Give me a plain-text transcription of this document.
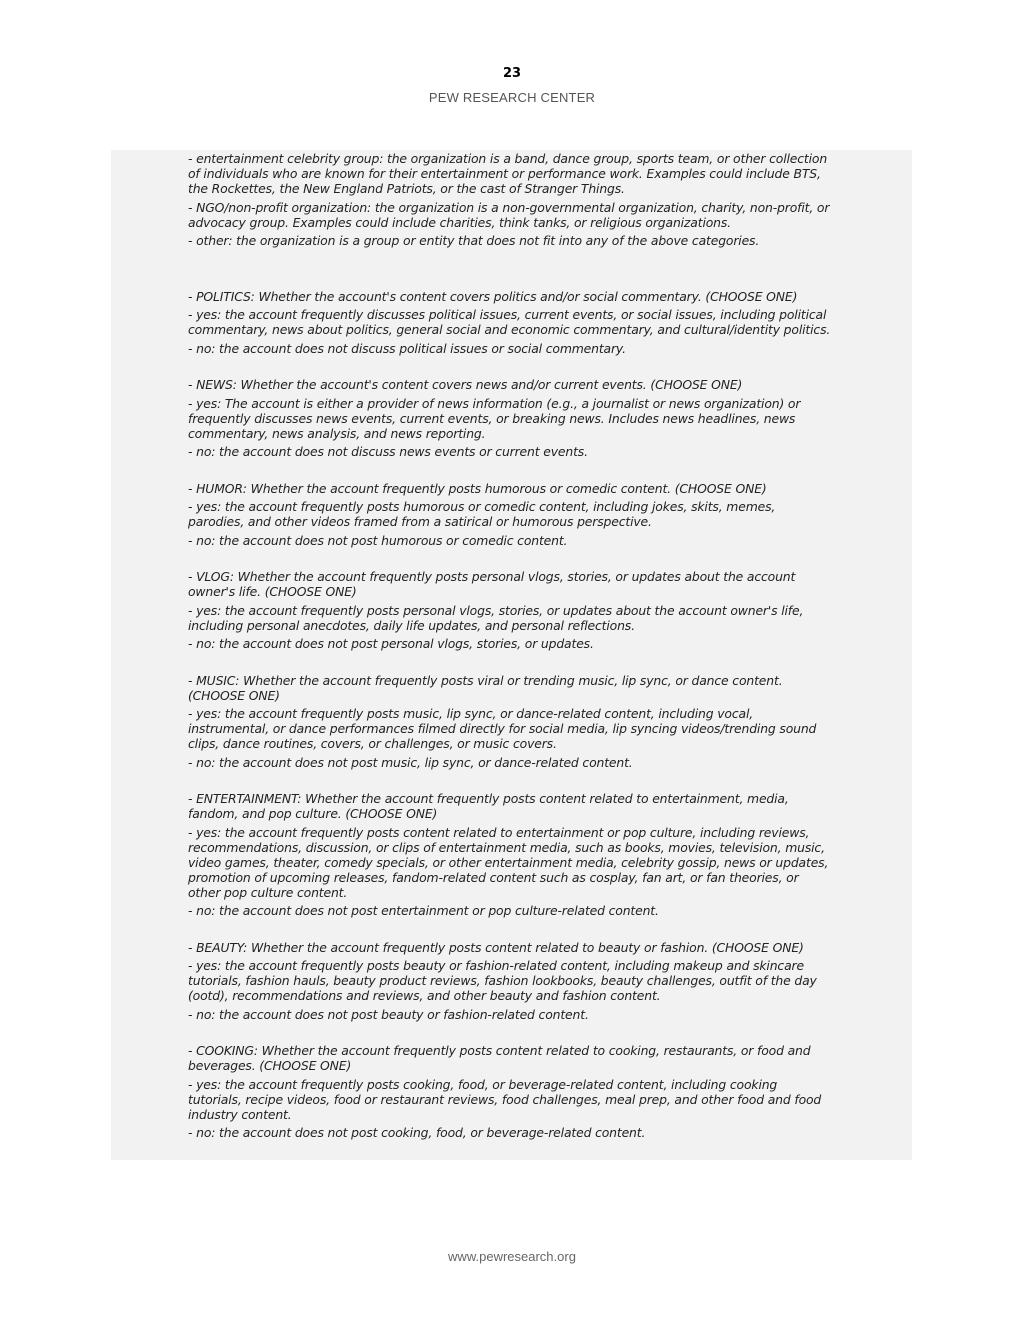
23
PEW RESEARCH CENTER

- entertainment celebrity group: the organization is a band, dance group, sports team, or other collection of individuals who are known for their entertainment or performance work. Examples could include BTS, the Rockettes, the New England Patriots, or the cast of Stranger Things.

- NGO/non-profit organization: the organization is a non-governmental organization, charity, non-profit, or advocacy group. Examples could include charities, think tanks, or religious organizations.

- other: the organization is a group or entity that does not fit into any of the above categories.

- POLITICS: Whether the account's content covers politics and/or social commentary. (CHOOSE ONE)

- yes: the account frequently discusses political issues, current events, or social issues, including political commentary, news about politics, general social and economic commentary, and cultural/identity politics.

- no: the account does not discuss political issues or social commentary.

- NEWS: Whether the account's content covers news and/or current events. (CHOOSE ONE)

- yes: The account is either a provider of news information (e.g., a journalist or news organization) or frequently discusses news events, current events, or breaking news. Includes news headlines, news commentary, news analysis, and news reporting.

- no: the account does not discuss news events or current events.

- HUMOR: Whether the account frequently posts humorous or comedic content. (CHOOSE ONE)

- yes: the account frequently posts humorous or comedic content, including jokes, skits, memes, parodies, and other videos framed from a satirical or humorous perspective.

- no: the account does not post humorous or comedic content.

- VLOG: Whether the account frequently posts personal vlogs, stories, or updates about the account owner's life. (CHOOSE ONE)

- yes: the account frequently posts personal vlogs, stories, or updates about the account owner's life, including personal anecdotes, daily life updates, and personal reflections.

- no: the account does not post personal vlogs, stories, or updates.

- MUSIC: Whether the account frequently posts viral or trending music, lip sync, or dance content. (CHOOSE ONE)

- yes: the account frequently posts music, lip sync, or dance-related content, including vocal, instrumental, or dance performances filmed directly for social media, lip syncing videos/trending sound clips, dance routines, covers, or challenges, or music covers.

- no: the account does not post music, lip sync, or dance-related content.

- ENTERTAINMENT: Whether the account frequently posts content related to entertainment, media, fandom, and pop culture. (CHOOSE ONE)

- yes: the account frequently posts content related to entertainment or pop culture, including reviews, recommendations, discussion, or clips of entertainment media, such as books, movies, television, music, video games, theater, comedy specials, or other entertainment media, celebrity gossip, news or updates, promotion of upcoming releases, fandom-related content such as cosplay, fan art, or fan theories, or other pop culture content.

- no: the account does not post entertainment or pop culture-related content.

- BEAUTY: Whether the account frequently posts content related to beauty or fashion. (CHOOSE ONE)

- yes: the account frequently posts beauty or fashion-related content, including makeup and skincare tutorials, fashion hauls, beauty product reviews, fashion lookbooks, beauty challenges, outfit of the day (ootd), recommendations and reviews, and other beauty and fashion content.

- no: the account does not post beauty or fashion-related content.

- COOKING: Whether the account frequently posts content related to cooking, restaurants, or food and beverages. (CHOOSE ONE)

- yes: the account frequently posts cooking, food, or beverage-related content, including cooking tutorials, recipe videos, food or restaurant reviews, food challenges, meal prep, and other food and food industry content.

- no: the account does not post cooking, food, or beverage-related content.

www.pewresearch.org
